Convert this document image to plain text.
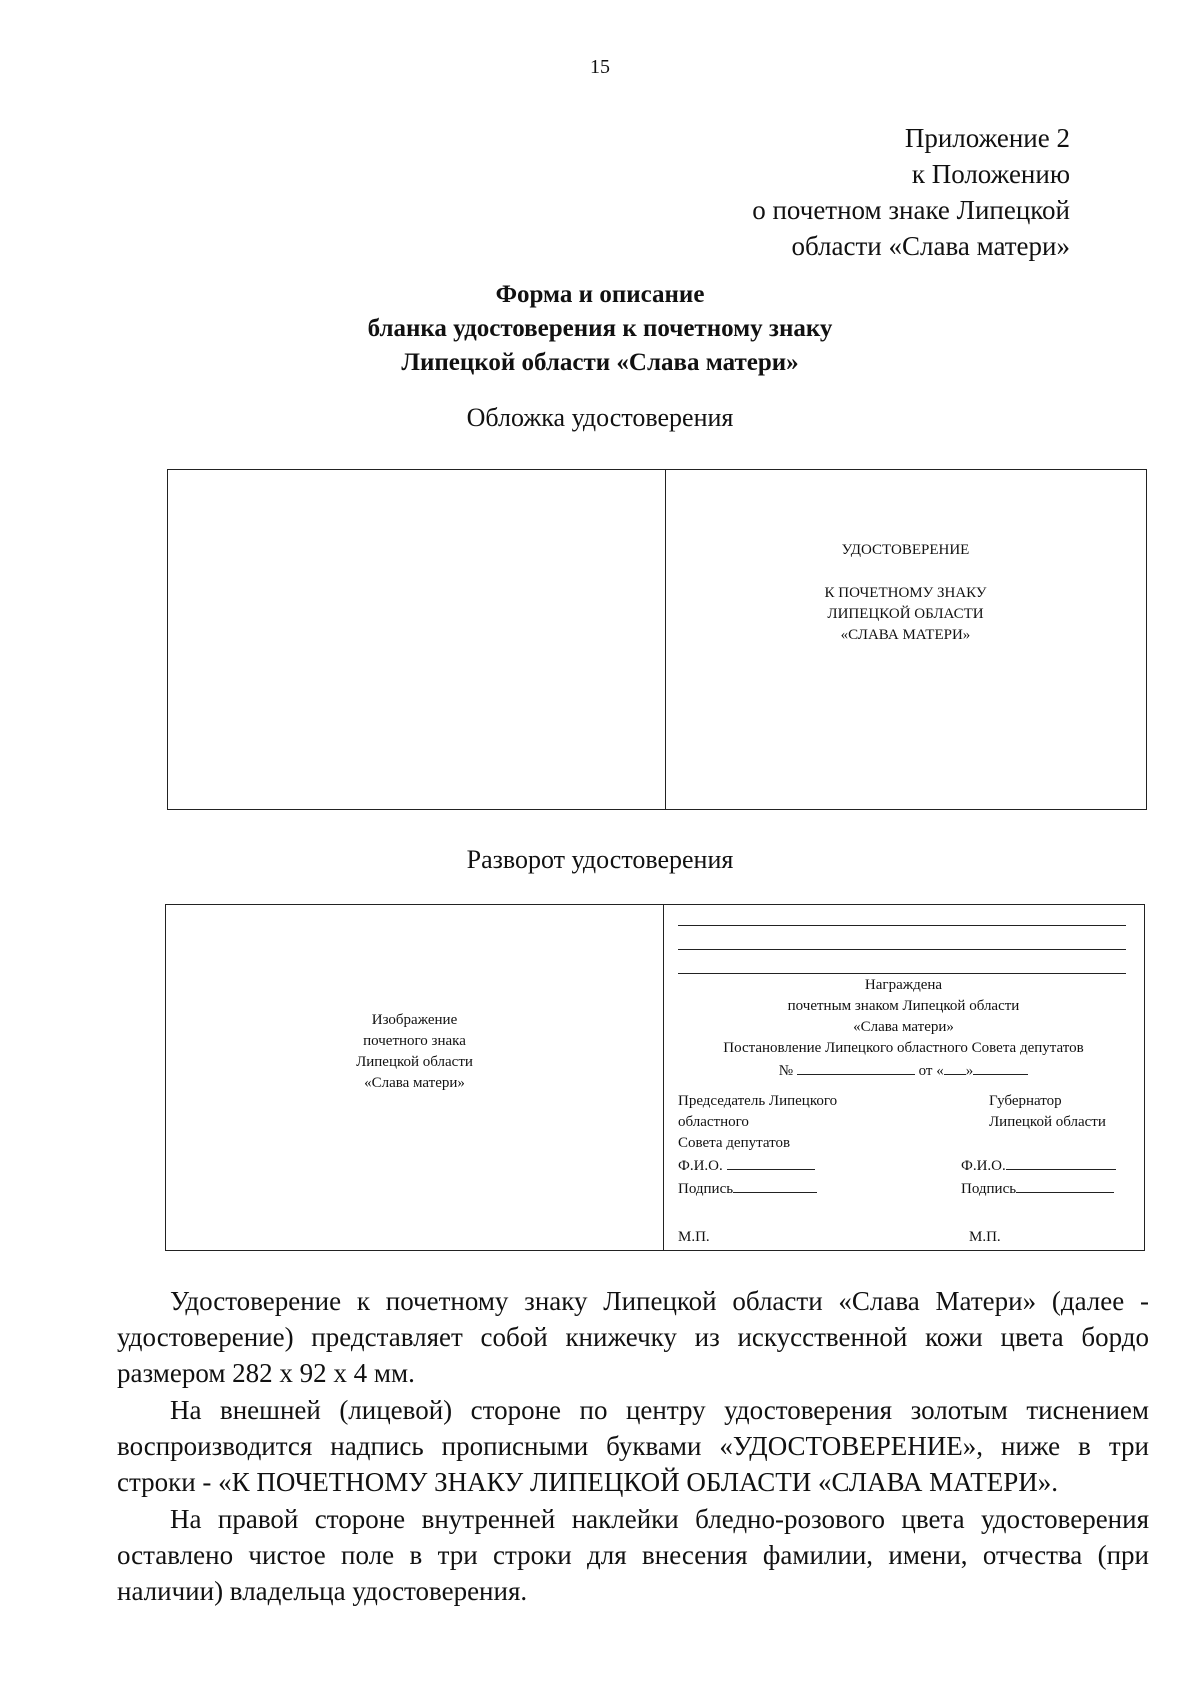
15
Приложение 2
к Положению
о почетном знаке Липецкой
области «Слава матери»
Форма и описание
бланка удостоверения к почетному знаку
Липецкой области «Слава матери»
Обложка удостоверения
УДОСТОВЕРЕНИЕ
К ПОЧЕТНОМУ ЗНАКУ
ЛИПЕЦКОЙ ОБЛАСТИ
«СЛАВА МАТЕРИ»
Разворот удостоверения
Изображение
почетного знака
Липецкой области
«Слава матери»
Награждена
почетным знаком Липецкой области
«Слава матери»
Постановление Липецкого областного Совета депутатов
№	от « »
Председатель Липецкого
областного
Совета депутатов
Ф.И.О.
Подпись
Губернатор
Липецкой области
Ф.И.О.
Подпись
М.П.	М.П.

Удостоверение к почетному знаку Липецкой области «Слава Матери» (далее - удостоверение) представляет собой книжечку из искусственной кожи цвета бордо размером 282 х 92 х 4 мм.

На внешней (лицевой) стороне по центру удостоверения золотым тиснением воспроизводится надпись прописными буквами «УДОСТОВЕРЕНИЕ», ниже в три строки - «К ПОЧЕТНОМУ ЗНАКУ ЛИПЕЦКОЙ ОБЛАСТИ «СЛАВА МАТЕРИ».

На правой стороне внутренней наклейки бледно-розового цвета удостоверения оставлено чистое поле в три строки для внесения фамилии, имени, отчества (при наличии) владельца удостоверения.
